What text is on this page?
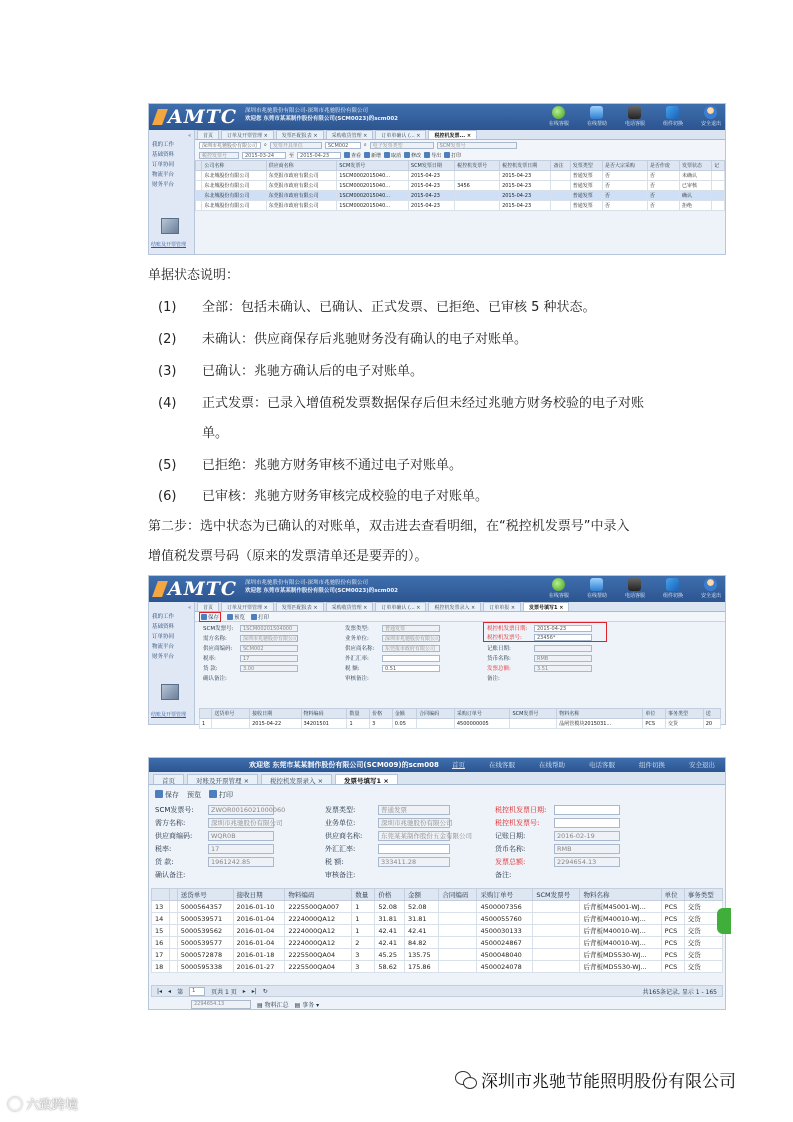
AMTC 深圳市兆驰股份有限公司-深圳市兆驰股份有限公司
欢迎您 东莞市某某制作股份有限公司(SCM0023)的scm002
在线客服	在线帮助	电话客服	组件切换	安全退出
«
我的工作
基础资料
订单协同
物流平台
财务平台
结账及开票管理
首页	订单及开票管理 ×	发票匹配报表 ×	采购收货管理 ×	订单单确认 (... ×	税控机发票... ×
深圳市兆驰股份有限公司	⌕	发票开具单位	SCM002	⌕	电子发票类型	SCM发票号
税控发票号	2015-03-24	至	2015-04-23	查看 新增 取消 修改 导出 打印
	公司名称	供应商名称	SCM发票号	SCM发票日期	税控机发票号	税控机发票日期	备注	发票类型	是否大宗采购	是否作废	发票状态	记
	东北城股份有限公司	东莞报市政府有限公司	1SCM0002015040...	2015-04-23		2015-04-23		普通发票	否	否	未确认	
	东北城股份有限公司	东莞报市政府有限公司	1SCM0002015040...	2015-04-23	3456	2015-04-23		普通发票	否	否	已审核	
	东北城股份有限公司	东莞报市政府有限公司	1SCM0002015040...	2015-04-23		2015-04-23		普通发票	否	否	确认	
	东北城股份有限公司	东莞报市政府有限公司	1SCM0002015040...	2015-04-23		2015-04-23		普通发票	否	否	拒绝	
单据状态说明：
(1) 全部：包括未确认、已确认、正式发票、已拒绝、已审核 5 种状态。
(2) 未确认：供应商保存后兆驰财务没有确认的电子对账单。
(3) 已确认：兆驰方确认后的电子对账单。
(4) 正式发票：已录入增值税发票数据保存后但未经过兆驰方财务校验的电子对账
单。
(5) 已拒绝：兆驰方财务审核不通过电子对账单。
(6) 已审核：兆驰方财务审核完成校验的电子对账单。
第二步：选中状态为已确认的对账单，双击进去查看明细，在“税控机发票号”中录入
增值税发票号码（原来的发票清单还是要弄的）。
AMTC 深圳市兆驰股份有限公司-深圳市兆驰股份有限公司
欢迎您 东莞市某某制作股份有限公司(SCM0023)的scm002
在线客服	在线帮助	电话客服	组件切换	安全退出
«
我的工作
基础资料
订单协同
物流平台
财务平台
结账及开票管理
首页	订单及开票管理 ×	发票匹配报表 ×	采购收货管理 ×	订单单确认 (... ×	税控机发票录入 ×	订单单报 ×	发票号填写1 ×
保存	预览 打印
SCM发票号:	1SCM00201504000
需方名称:	深圳市兆驰股份有限公司
供应商编码:	SCM002
税率:	17
货 款:	3.00
确认备注:
发票类型:	普通发票
业务单位:	深圳市兆驰股份有限公司
供应商名称:	东莞报市政府有限公司
外汇汇率:
税 额:	0.51
审核备注:
税控机发票日期:	2015-04-23
税控机发票号:	23456*
记账日期:
货币名称:	RMB
发票总额:	3.51
备注:
	送货单号	接收日期	物料编码	数量	价格	金额	合同编码	采购订单号	SCM发票号	物料名称	单位	事务类型	送
1		2015-04-22	34201501	1	3	0.05		4500000005		晶闸管模块2015031...	PCS	交货	20
欢迎您 东莞市某某制作股份有限公司(SCM009)的scm008 首页	在线客服	在线帮助	电话客服	组件切换	安全退出
首页	对账及开票管理 ×	税控机发票录入 ×	发票号填写1 ×
保存 预览	打印
SCM发票号:	ZWOR0016021000060
需方名称:	深圳市兆驰股份有限公司
供应商编码:	WQR0B
税率:	17
货 款:	1961242.85
确认备注:
发票类型:	普通发票
业务单位:	深圳市兆驰股份有限公司
供应商名称:	东莞某某制作股份五金有限公司
外汇汇率:
税 额:	333411.28
审核备注:
税控机发票日期:
税控机发票号:
记账日期:	2016-02-19
货币名称:	RMB
发票总额:	2294654.13
备注:
		送货单号	接收日期	物料编码	数量	价格	金额	合同编码	采购订单号	SCM发票号	物料名称	单位	事务类型
13		5000564357	2016-01-10	2225500QA007	1	52.08	52.08		4500007356		后背板M45001-WJ...	PCS	交货
14		5000539571	2016-01-04	2224000QA12	1	31.81	31.81		4500055760		后背板M40010-WJ...	PCS	交货
15		5000539562	2016-01-04	2224000QA12	1	42.41	42.41		4500030133		后背板M40010-WJ...	PCS	交货
16		5000539577	2016-01-04	2224000QA12	2	42.41	84.82		4500024867		后背板M40010-WJ...	PCS	交货
17		5000572878	2016-01-18	2225500QA04	3	45.25	135.75		4500048040		后背板MD5530-WJ...	PCS	交货
18		5000595338	2016-01-27	2225500QA04	3	58.62	175.86		4500024078		后背板MD5530-WJ...	PCS	交货
|◂ ◂ 第	1	页共 1 页 ▸ ▸| ↻	共165条记录, 显示 1 - 165
2294654.13	▤ 物料汇总 ▤ 事务 ▾
深圳市兆驰节能照明股份有限公司
六致跨境
